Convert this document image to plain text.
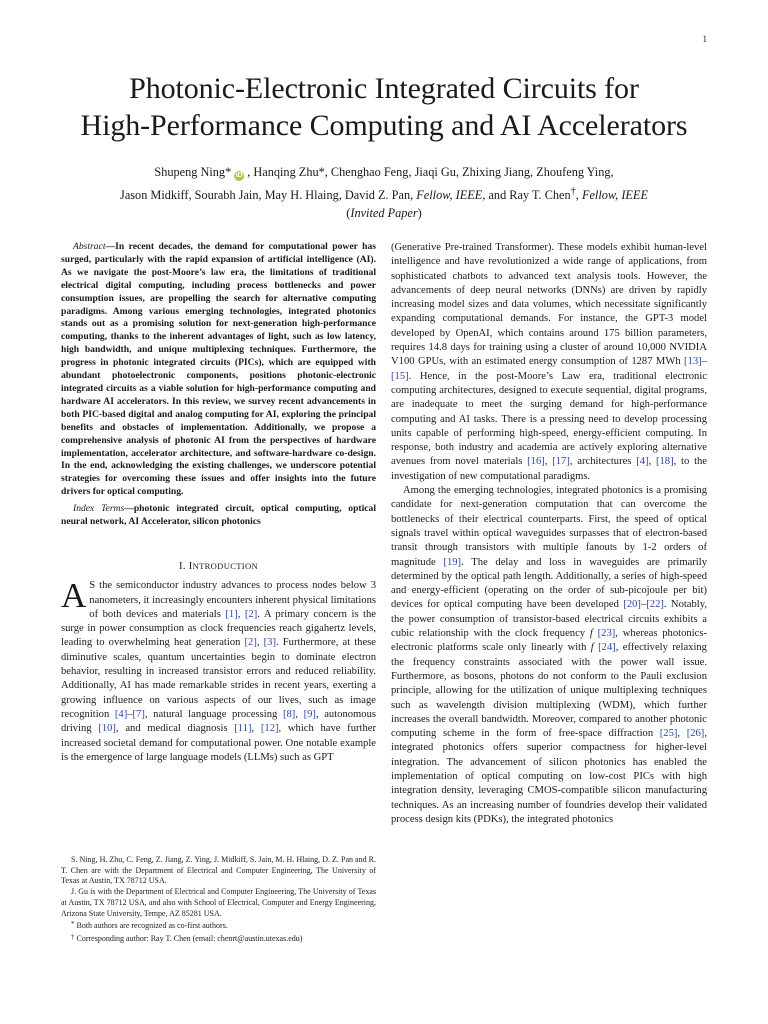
1
Photonic-Electronic Integrated Circuits for
High-Performance Computing and AI Accelerators
Shupeng Ning* iD , Hanqing Zhu*, Chenghao Feng, Jiaqi Gu, Zhixing Jiang, Zhoufeng Ying,
Jason Midkiff, Sourabh Jain, May H. Hlaing, David Z. Pan, Fellow, IEEE, and Ray T. Chen†, Fellow, IEEE
(Invited Paper)

Abstract—In recent decades, the demand for computational power has surged, particularly with the rapid expansion of artificial intelligence (AI). As we navigate the post-Moore’s law era, the limitations of traditional electrical digital computing, including process bottlenecks and power consumption issues, are propelling the search for alternative computing paradigms. Among various emerging technologies, integrated photonics stands out as a promising solution for next-generation high-performance computing, thanks to the inherent advantages of light, such as low latency, high bandwidth, and unique multiplexing techniques. Furthermore, the progress in photonic integrated circuits (PICs), which are equipped with abundant photoelectronic components, positions photonic-electronic integrated circuits as a viable solution for high-performance computing and hardware AI accelerators. In this review, we survey recent advancements in both PIC-based digital and analog computing for AI, exploring the principal benefits and obstacles of implementation. Additionally, we propose a comprehensive analysis of photonic AI from the perspectives of hardware implementation, accelerator architecture, and software-hardware co-design. In the end, acknowledging the existing challenges, we underscore potential strategies for overcoming these issues and offer insights into the future drivers for optical computing.

Index Terms—photonic integrated circuit, optical computing, optical neural network, AI Accelerator, silicon photonics

I. INTRODUCTION

A S the semiconductor industry advances to process nodes below 3 nanometers, it increasingly encounters inherent physical limitations of both devices and materials [1], [2]. A primary concern is the surge in power consumption as clock frequencies reach gigahertz levels, leading to overwhelming heat generation [2], [3]. Furthermore, at these diminutive scales, quantum uncertainties begin to dominate electron behavior, resulting in increased transistor errors and reduced reliability. Additionally, AI has made remarkable strides in recent years, exerting a growing influence on various aspects of our lives, such as image recognition [4]–[7], natural language processing [8], [9], autonomous driving [10], and medical diagnosis [11], [12], which have further increased societal demand for computational power. One notable example is the emergence of large language models (LLMs) such as GPT

S. Ning, H. Zhu, C. Feng, Z. Jiang, Z. Ying, J. Midkiff, S. Jain, M. H. Hlaing, D. Z. Pan and R. T. Chen are with the Department of Electrical and Computer Engineering, The University of Texas at Austin, TX 78712 USA.

J. Gu is with the Department of Electrical and Computer Engineering, The University of Texas at Austin, TX 78712 USA, and also with School of Electrical, Computer and Energy Engineering, Arizona State University, Tempe, AZ 85281 USA.

* Both authors are recognized as co-first authors.

† Corresponding author: Ray T. Chen (email: chenrt@austin.utexas.edu)

(Generative Pre-trained Transformer). These models exhibit human-level intelligence and have revolutionized a wide range of applications, from sophisticated chatbots to advanced text analysis tools. However, the advancements of deep neural networks (DNNs) are driven by rapidly increasing model sizes and data volumes, which necessitate significantly expanding computational demands. For instance, the GPT-3 model developed by OpenAI, which contains around 175 billion parameters, requires 14.8 days for training using a cluster of around 10,000 NVIDIA V100 GPUs, with an estimated energy consumption of 1287 MWh [13]–[15]. Hence, in the post-Moore’s Law era, traditional electronic computing architectures, designed to execute sequential, digital programs, are inadequate to meet the surging demand for high-performance computing and AI tasks. There is a pressing need to develop processing units capable of performing high-speed, energy-efficient computing. In response, both industry and academia are actively exploring alternative avenues from novel materials [16], [17], architectures [4], [18], to the investigation of new computational paradigms.

Among the emerging technologies, integrated photonics is a promising candidate for next-generation computation that can overcome the bottlenecks of their electrical counterparts. First, the speed of optical signals travel within optical waveguides surpasses that of electron-based transit through transistors with multiple fanouts by 1-2 orders of magnitude [19]. The delay and loss in waveguides are primarily determined by the optical path length. Additionally, a series of high-speed and energy-efficient (operating on the order of sub-picojoule per bit) devices for optical computing have been developed [20]–[22]. Notably, the power consumption of transistor-based electrical circuits exhibits a cubic relationship with the clock frequency f [23], whereas photonics-electronic platforms scale only linearly with f [24], effectively relaxing the frequency constraints associated with the power wall issue. Furthermore, as bosons, photons do not conform to the Pauli exclusion principle, allowing for the utilization of unique multiplexing techniques such as wavelength division multiplexing (WDM), which further increases the overall bandwidth. Moreover, compared to another photonic computing scheme in the form of free-space diffraction [25], [26], integrated photonics offers superior compactness for higher-level integration. The advancement of silicon photonics has enabled the implementation of optical computing on low-cost PICs with high integration density, leveraging CMOS-compatible silicon manufacturing techniques. As an increasing number of foundries develop their validated process design kits (PDKs), the integrated photonics
